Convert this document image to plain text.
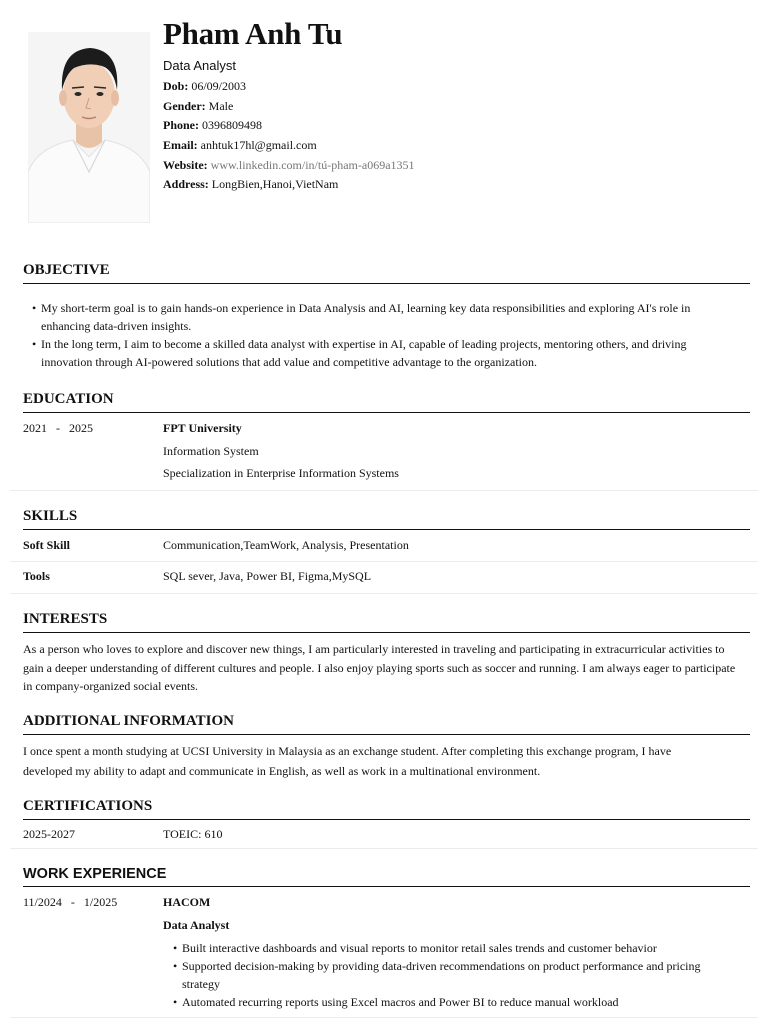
Pham Anh Tu
Data Analyst
Dob: 06/09/2003
Gender: Male
Phone: 0396809498
Email: anhtuk17hl@gmail.com
Website: www.linkedin.com/in/tú-pham-a069a1351
Address: LongBien,Hanoi,VietNam
OBJECTIVE
• My short-term goal is to gain hands-on experience in Data Analysis and AI, learning key data responsibilities and exploring AI's role in enhancing data-driven insights.
• In the long term, I aim to become a skilled data analyst with expertise in AI, capable of leading projects, mentoring others, and driving innovation through AI-powered solutions that add value and competitive advantage to the organization.
EDUCATION
2021 - 2025	FPT University
Information System
Specialization in Enterprise Information Systems
SKILLS
Soft Skill	Communication,TeamWork, Analysis, Presentation
Tools	SQL sever, Java, Power BI, Figma,MySQL
INTERESTS
As a person who loves to explore and discover new things, I am particularly interested in traveling and participating in extracurricular activities to gain a deeper understanding of different cultures and people. I also enjoy playing sports such as soccer and running. I am always eager to participate in company-organized social events.
ADDITIONAL INFORMATION
I once spent a month studying at UCSI University in Malaysia as an exchange student. After completing this exchange program, I have developed my ability to adapt and communicate in English, as well as work in a multinational environment.
CERTIFICATIONS
2025-2027	TOEIC: 610
WORK EXPERIENCE
11/2024 - 1/2025	HACOM
Data Analyst
• Built interactive dashboards and visual reports to monitor retail sales trends and customer behavior
• Supported decision-making by providing data-driven recommendations on product performance and pricing strategy
• Automated recurring reports using Excel macros and Power BI to reduce manual workload
